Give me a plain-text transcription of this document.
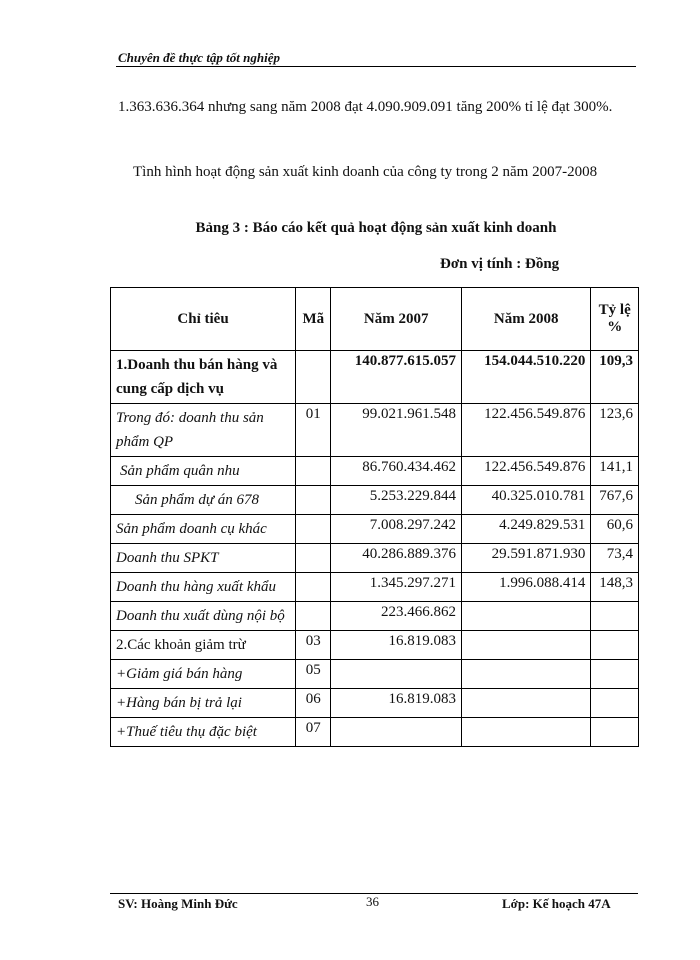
Chuyên đề thực tập tốt nghiệp
1.363.636.364 nhưng sang năm 2008 đạt 4.090.909.091 tăng 200% tỉ lệ đạt 300%.
Tình hình hoạt động sản xuất kinh doanh của công ty trong 2 năm 2007-2008
Bảng 3 : Báo cáo kết quả hoạt động sản xuất kinh doanh
Đơn vị tính : Đồng
Chỉ tiêu	Mã	Năm 2007	Năm 2008	Tỷ lệ %
1.Doanh thu bán hàng và cung cấp dịch vụ		140.877.615.057	154.044.510.220	109,3
Trong đó: doanh thu sản phẩm QP	01	99.021.961.548	122.456.549.876	123,6
Sản phẩm quân nhu		86.760.434.462	122.456.549.876	141,1
Sản phẩm dự án 678		5.253.229.844	40.325.010.781	767,6
Sản phẩm doanh cụ khác		7.008.297.242	4.249.829.531	60,6
Doanh thu SPKT		40.286.889.376	29.591.871.930	73,4
Doanh thu hàng xuất khẩu		1.345.297.271	1.996.088.414	148,3
Doanh thu xuất dùng nội bộ		223.466.862		
2.Các khoản giảm trừ	03	16.819.083		
+Giảm giá bán hàng	05			
+Hàng bán bị trả lại	06	16.819.083		
+Thuế tiêu thụ đặc biệt	07			
SV: Hoàng Minh Đức	36	Lớp: Kế hoạch 47A
